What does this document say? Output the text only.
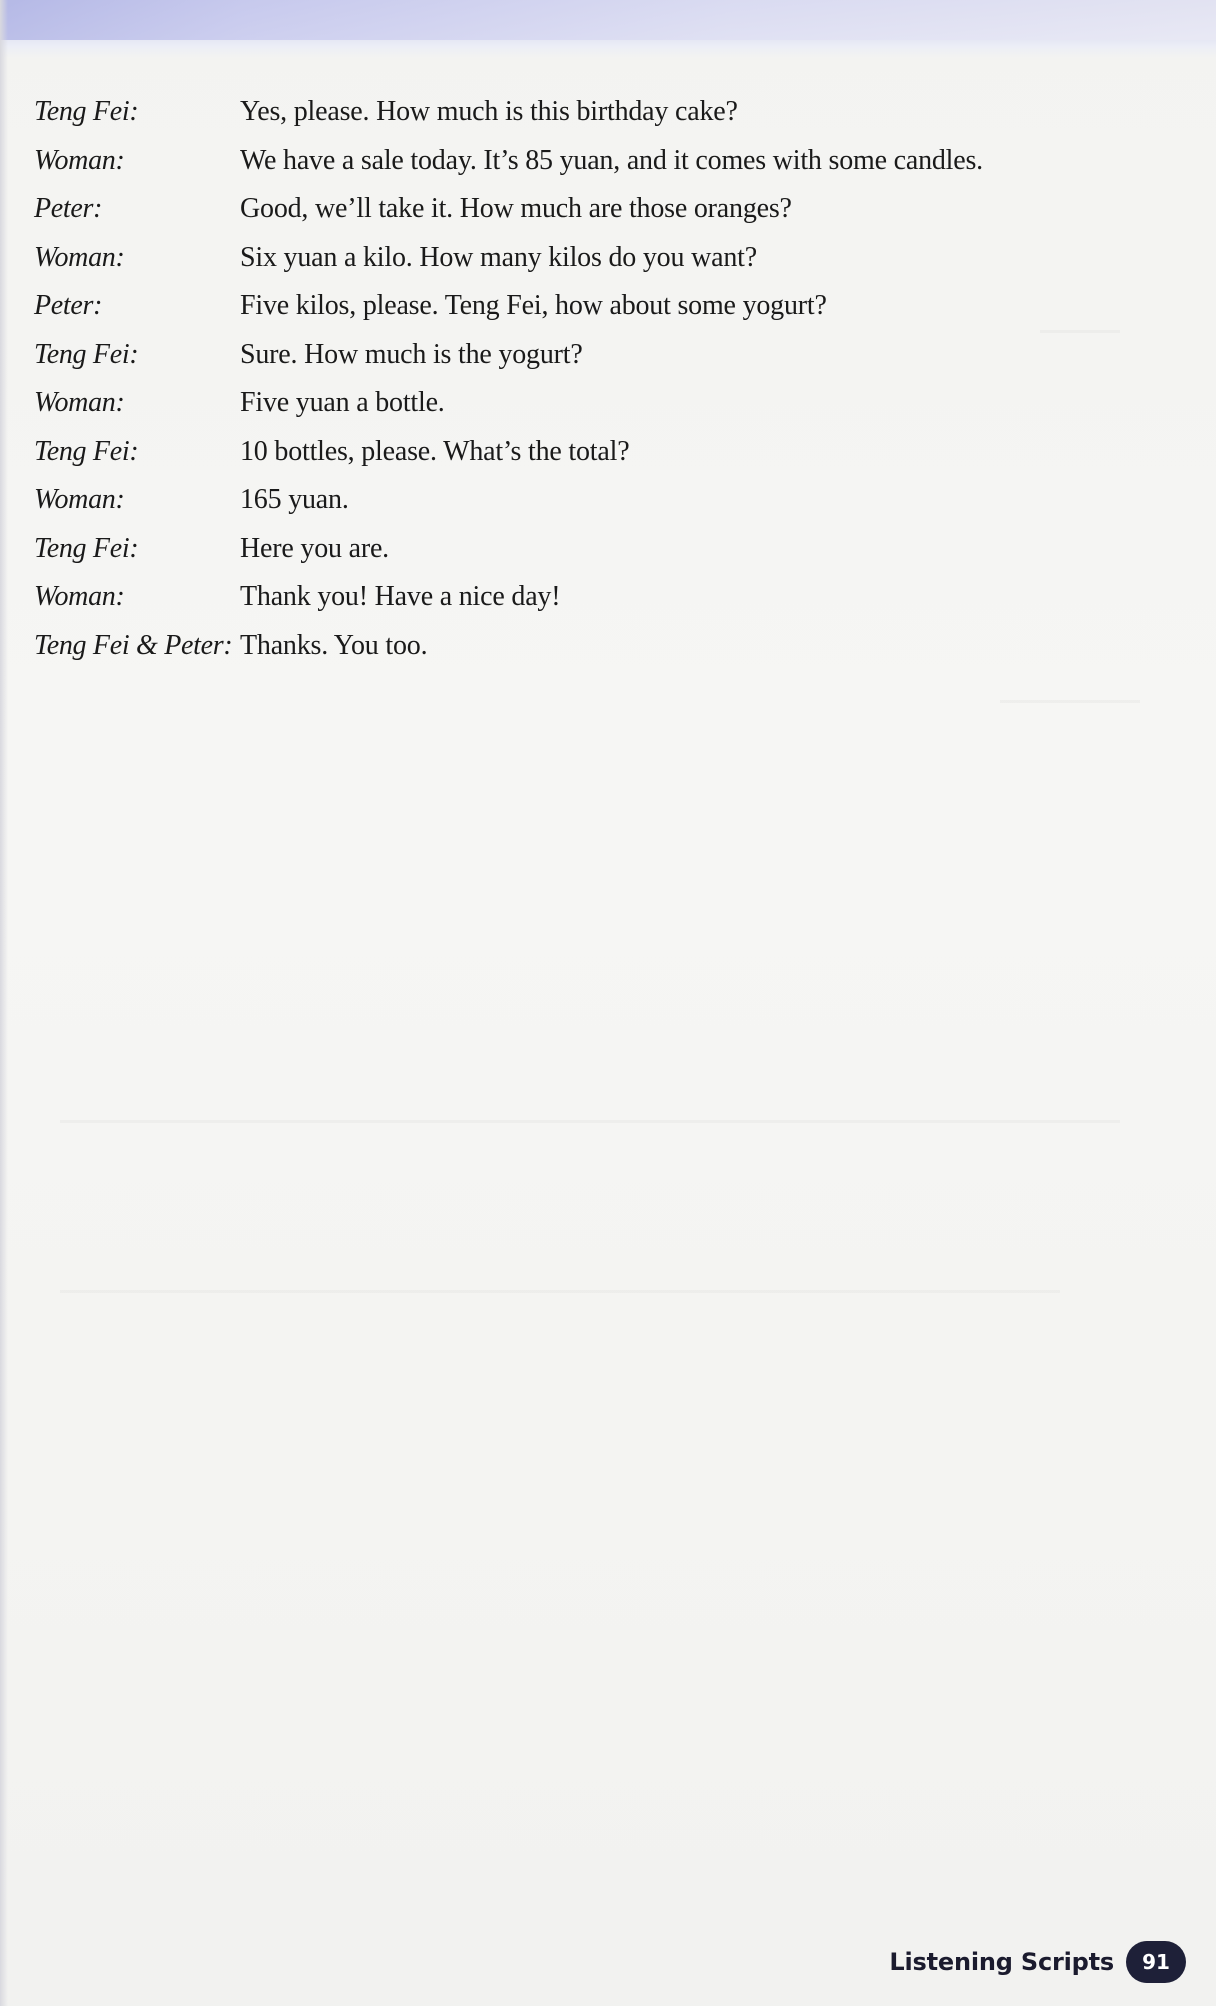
Teng Fei:	Yes, please. How much is this birthday cake?
Woman:	We have a sale today. It’s 85 yuan, and it comes with some candles.
Peter:	Good, we’ll take it. How much are those oranges?
Woman:	Six yuan a kilo. How many kilos do you want?
Peter:	Five kilos, please. Teng Fei, how about some yogurt?
Teng Fei:	Sure. How much is the yogurt?
Woman:	Five yuan a bottle.
Teng Fei:	10 bottles, please. What’s the total?
Woman:	165 yuan.
Teng Fei:	Here you are.
Woman:	Thank you! Have a nice day!
Teng Fei & Peter: Thanks. You too.
Listening Scripts	91
